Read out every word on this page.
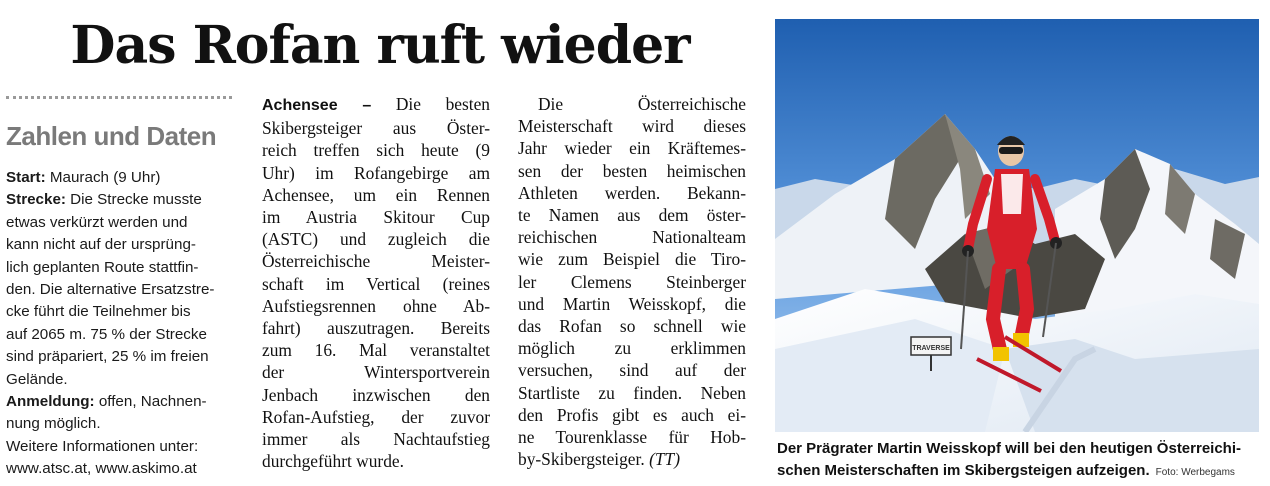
Das Rofan ruft wieder
Zahlen und Daten

Start: Maurach (9 Uhr)

Strecke: Die Strecke musste

etwas verkürzt werden und

kann nicht auf der ursprüng-

lich geplanten Route stattfin-

den. Die alternative Ersatzstre-

cke führt die Teilnehmer bis

auf 2065 m. 75 % der Strecke

sind präpariert, 25 % im freien

Gelände.

Anmeldung: offen, Nachnen-

nung möglich.

Weitere Informationen unter:

www.atsc.at, www.askimo.at

Achensee – Die besten
Skibergsteiger aus Öster-
reich treffen sich heute (9
Uhr) im Rofangebirge am
Achensee, um ein Rennen
im Austria Skitour Cup
(ASTC) und zugleich die
Österreichische Meister-
schaft im Vertical (reines
Aufstiegsrennen ohne Ab-
fahrt) auszutragen. Bereits
zum 16. Mal veranstaltet
der Wintersportverein
Jenbach inzwischen den
Rofan-Aufstieg, der zuvor
immer als Nachtaufstieg
durchgeführt wurde.
Die Österreichische
Meisterschaft wird dieses
Jahr wieder ein Kräftemes-
sen der besten heimischen
Athleten werden. Bekann-
te Namen aus dem öster-
reichischen Nationalteam
wie zum Beispiel die Tiro-
ler Clemens Steinberger
und Martin Weisskopf, die
das Rofan so schnell wie
möglich zu erklimmen
versuchen, sind auf der
Startliste zu finden. Neben
den Profis gibt es auch ei-
ne Tourenklasse für Hob-
by-Skibergsteiger. (TT)
TRAVERSE
Der Prägrater Martin Weisskopf will bei den heutigen Österreichi-
schen Meisterschaften im Skibergsteigen aufzeigen. Foto: Werbegams
